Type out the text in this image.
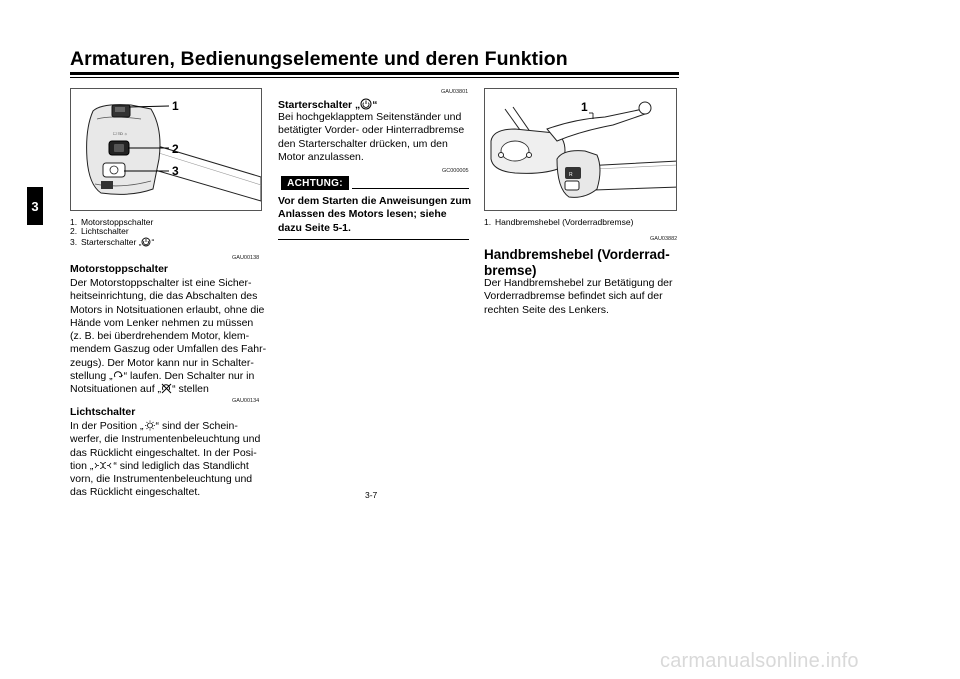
Armaturen, Bedienungselemente und deren Funktion
3
☐ ≡D ☼
1
2
3
1. Motorstoppschalter
2. Lichtschalter
3. Starterschalter „ “
GAU00138
Motorstoppschalter
Der Motorstoppschalter ist eine Sicher-
heitseinrichtung, die das Abschalten des
Motors in Notsituationen erlaubt, ohne die
Hände vom Lenker nehmen zu müssen
(z. B. bei überdrehendem Motor, klem-
mendem Gaszug oder Umfallen des Fahr-
zeugs). Der Motor kann nur in Schalter-
stellung „ “ laufen. Den Schalter nur in
Notsituationen auf „ “ stellen
GAU00134
Lichtschalter
In der Position „ “ sind der Schein-
werfer, die Instrumentenbeleuchtung und
das Rücklicht eingeschaltet. In der Posi-
tion „ “ sind lediglich das Standlicht
vorn, die Instrumentenbeleuchtung und
das Rücklicht eingeschaltet.
GAU03801
Starterschalter „ “
Bei hochgeklapptem Seitenständer und
betätigter Vorder- oder Hinterradbremse
den Starterschalter drücken, um den
Motor anzulassen.
GC000005
ACHTUNG:
Vor dem Starten die Anweisungen zum
Anlassen des Motors lesen; siehe
dazu Seite 5-1.
R
1
1. Handbremshebel (Vorderradbremse)
GAU03882
Handbremshebel (Vorderrad-
bremse)
Der Handbremshebel zur Betätigung der
Vorderradbremse befindet sich auf der
rechten Seite des Lenkers.
3-7
carmanualsonline.info
